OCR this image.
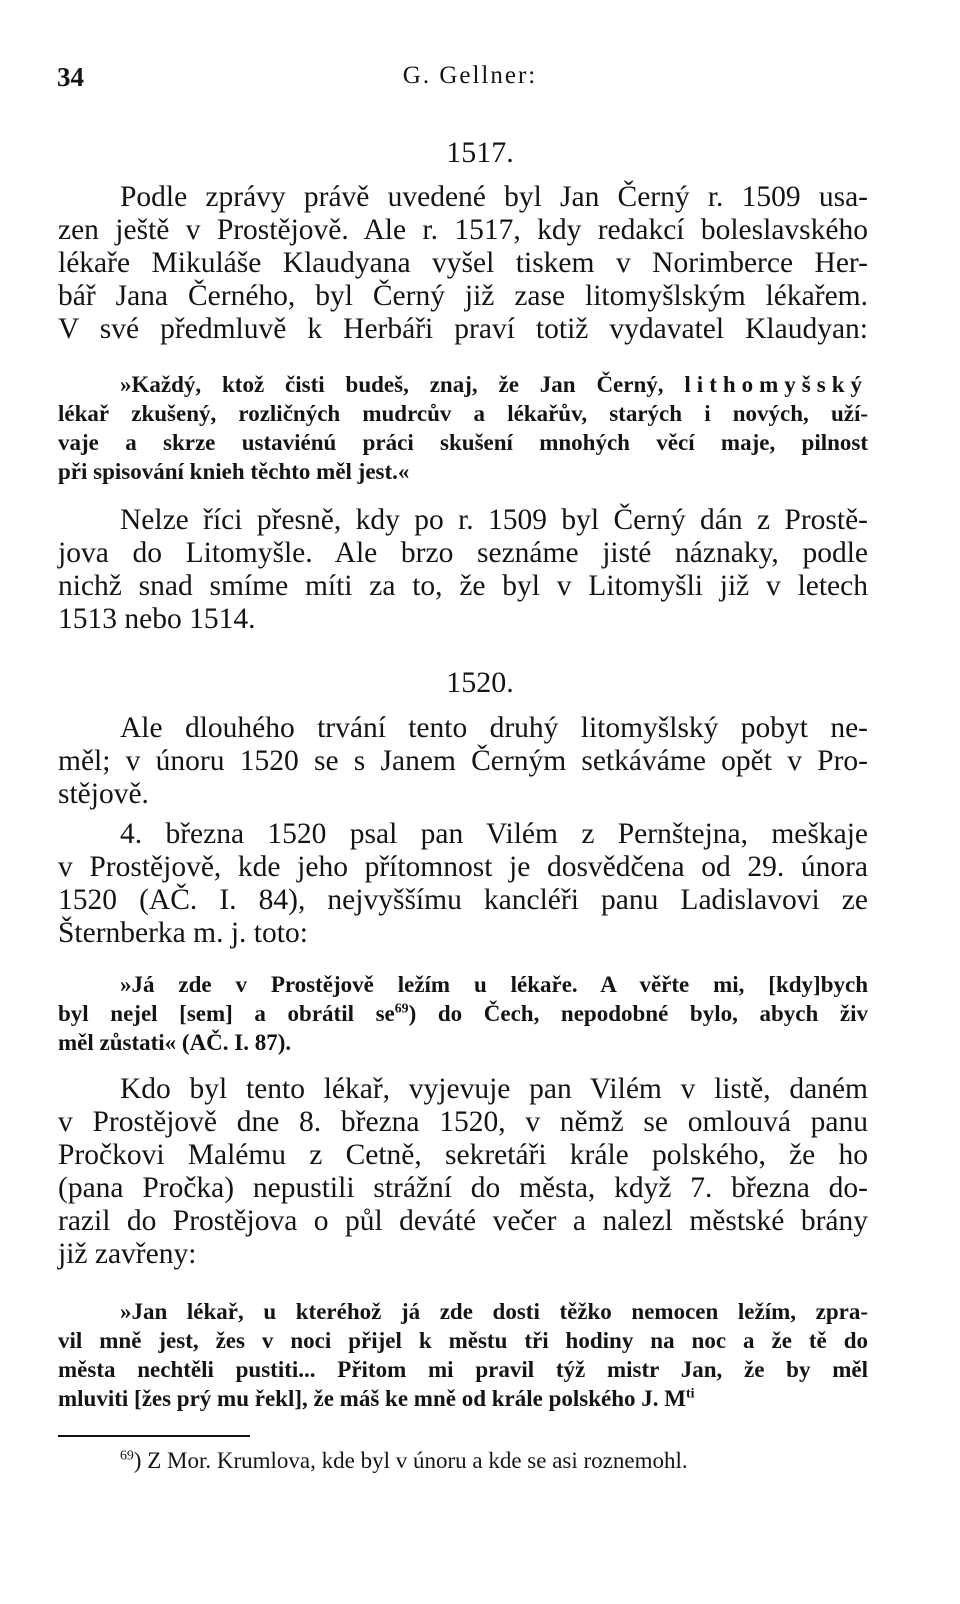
34	G. Gellner:
1517.
Podle zprávy právě uvedené byl Jan Černý r. 1509 usa-
zen ještě v Prostějově. Ale r. 1517, kdy redakcí boleslavského
lékaře Mikuláše Klaudyana vyšel tiskem v Norimberce Her-
bář Jana Černého, byl Černý již zase litomyšlským lékařem.
V své předmluvě k Herbáři praví totiž vydavatel Klaudyan:
»Každý, ktož čisti budeš, znaj, že Jan Černý, lithomyšský
lékař zkušený, rozličných mudrcův a lékařův, starých i nových, uží-
vaje a skrze ustaviénú práci skušení mnohých věcí maje, pilnost
při spisování knieh těchto měl jest.«
Nelze říci přesně, kdy po r. 1509 byl Černý dán z Prostě-
jova do Litomyšle. Ale brzo seznáme jisté náznaky, podle
nichž snad smíme míti za to, že byl v Litomyšli již v letech
1513 nebo 1514.
1520.
Ale dlouhého trvání tento druhý litomyšlský pobyt ne-
měl; v únoru 1520 se s Janem Černým setkáváme opět v Pro-
stějově.
4. března 1520 psal pan Vilém z Pernštejna, meškaje
v Prostějově, kde jeho přítomnost je dosvědčena od 29. února
1520 (AČ. I. 84), nejvyššímu kancléři panu Ladislavovi ze
Šternberka m. j. toto:
»Já zde v Prostějově ležím u lékaře. A věřte mi, [kdy]bych
byl nejel [sem] a obrátil $se^{69}$) do Čech, nepodobné bylo, abych živ
měl zůstati« (AČ. I. 87).
Kdo byl tento lékař, vyjevuje pan Vilém v listě, daném
v Prostějově dne 8. března 1520, v němž se omlouvá panu
Pročkovi Malému z Cetně, sekretáři krále polského, že ho
(pana Pročka) nepustili strážní do města, když 7. března do-
razil do Prostějova o půl deváté večer a nalezl městské brány
již zavřeny:
»Jan lékař, u kteréhož já zde dosti těžko nemocen ležím, zpra-
vil mně jest, žes v noci přijel k městu tři hodiny na noc a že tě do
města nechtěli pustiti... Přitom mi pravil týž mistr Jan, že by měl
mluviti [žes prý mu řekl], že máš ke mně od krále polského J. $M^{ti}$
$^{69}$) Z Mor. Krumlova, kde byl v únoru a kde se asi roznemohl.
